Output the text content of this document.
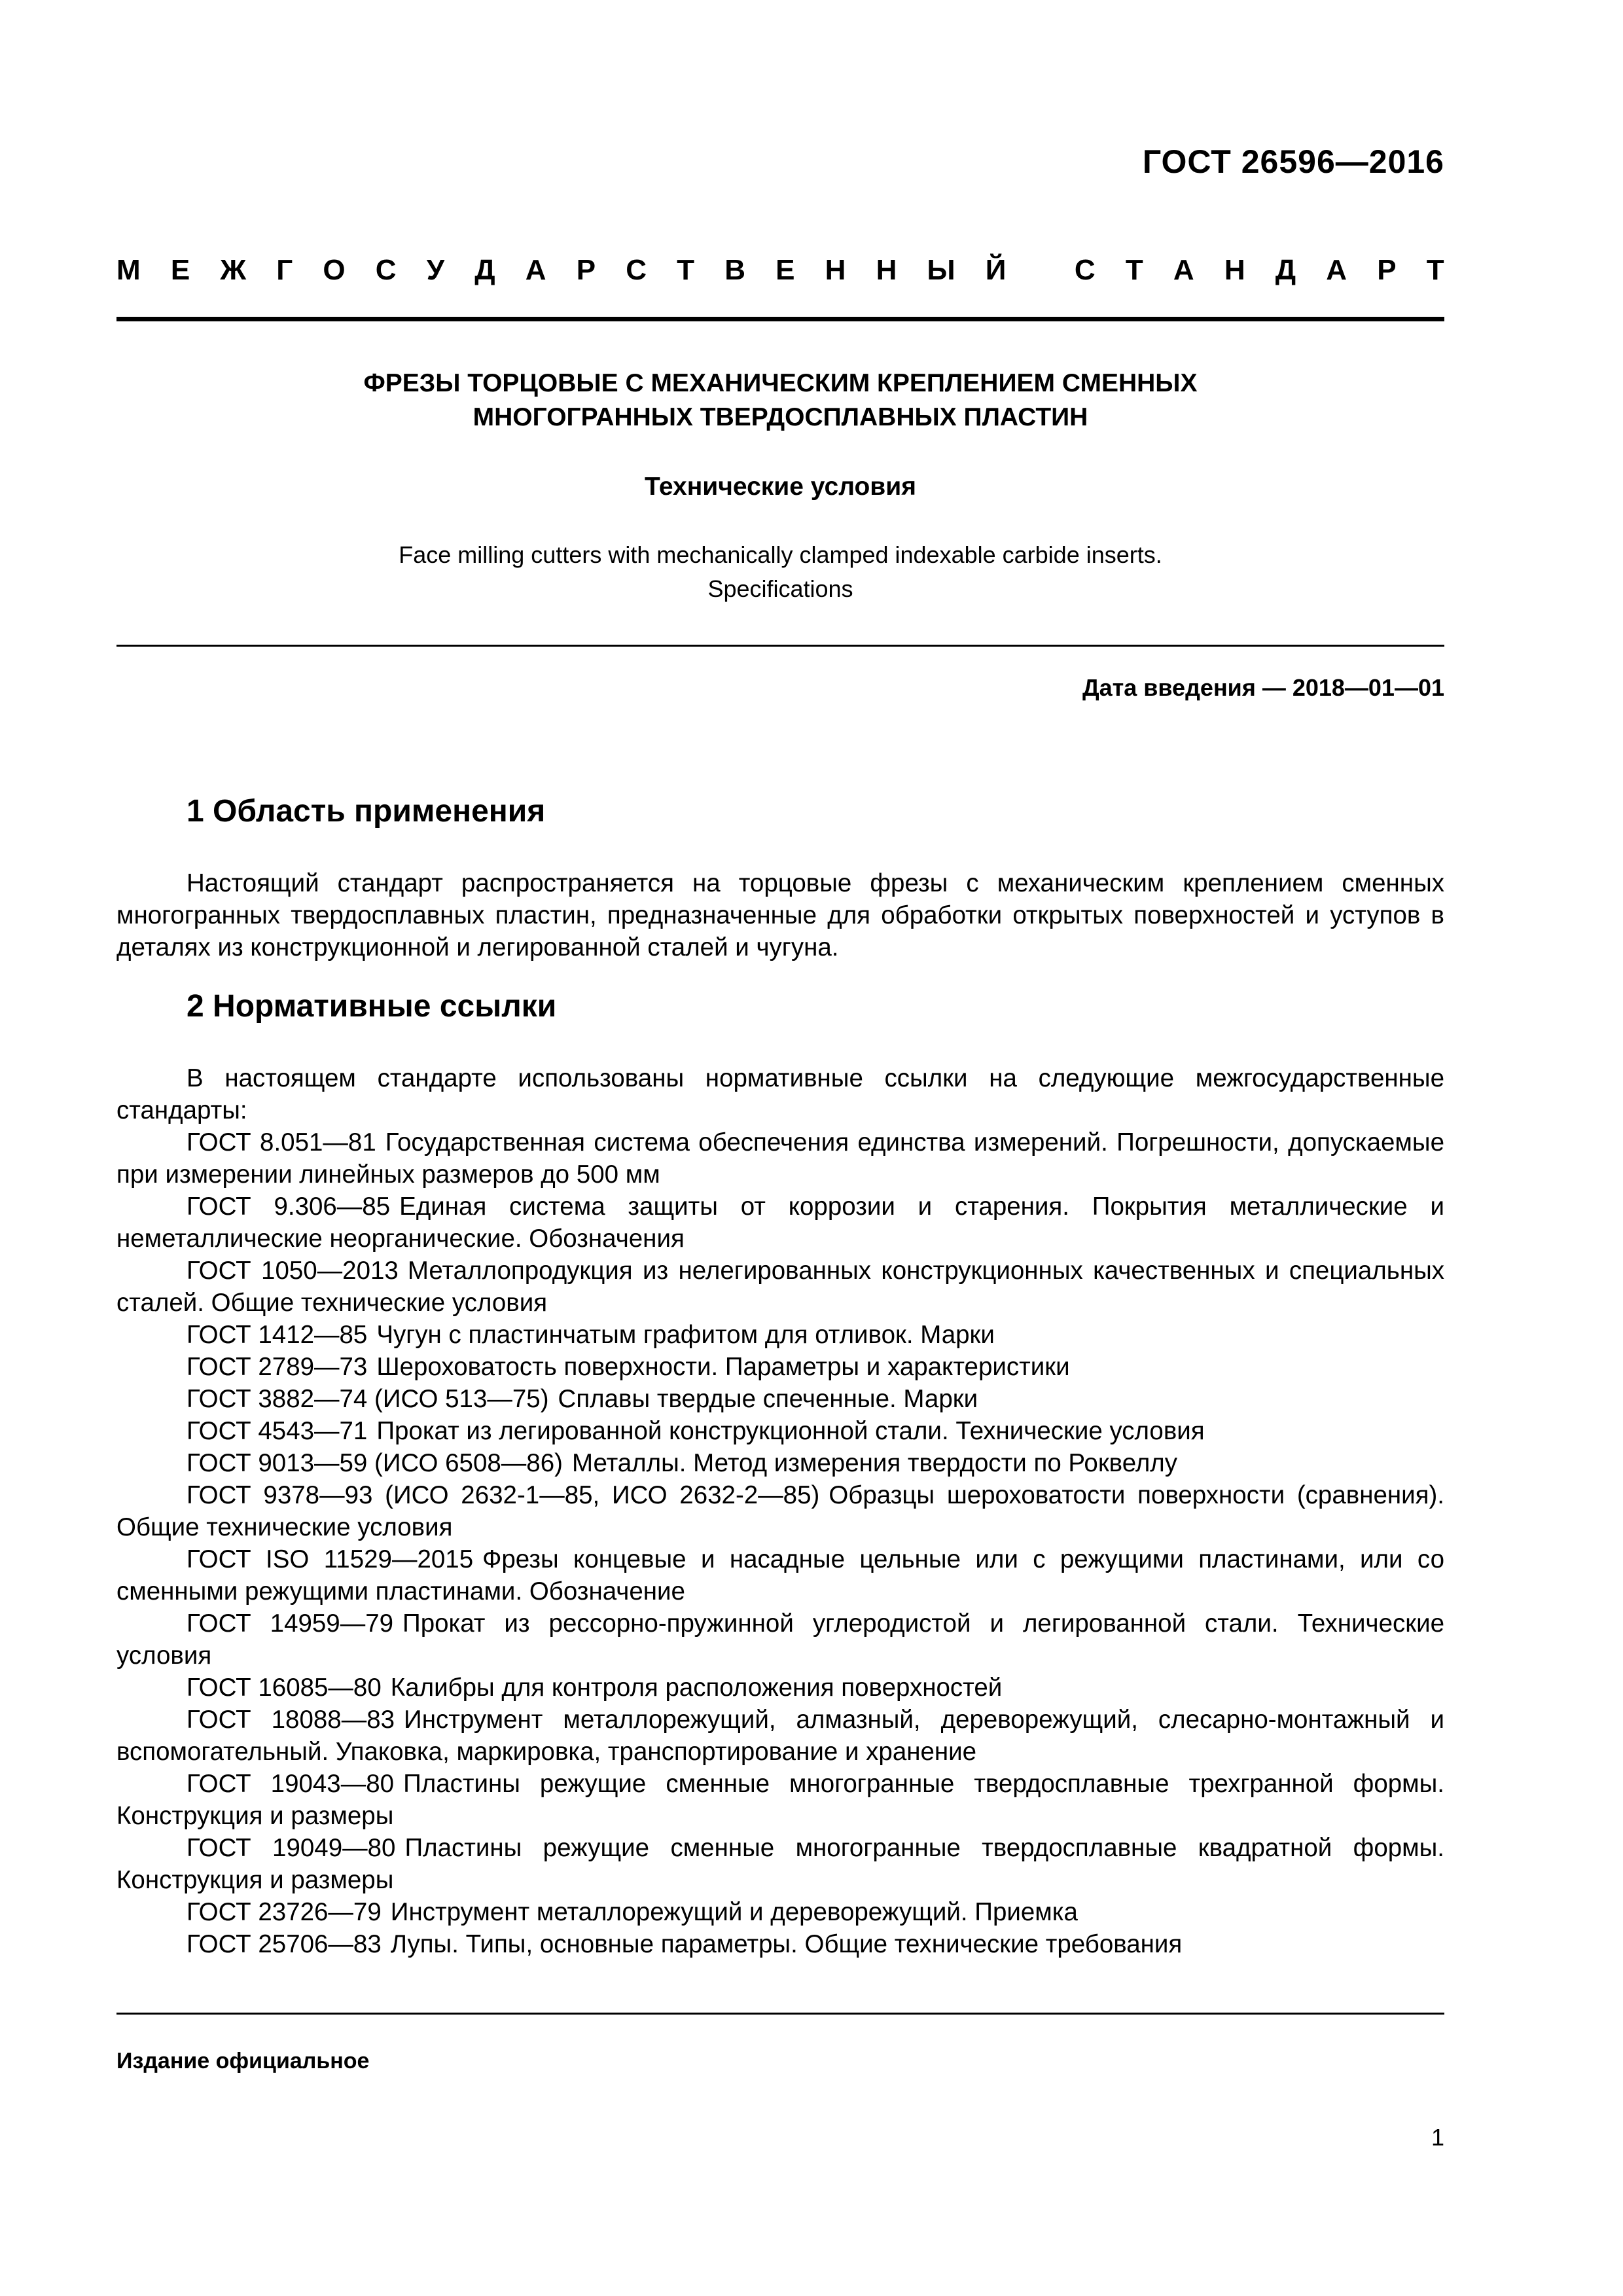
ГОСТ 26596—2016
М Е Ж Г О С У Д А Р С Т В Е Н Н Ы Й
С Т А Н Д А Р Т
ФРЕЗЫ ТОРЦОВЫЕ С МЕХАНИЧЕСКИМ КРЕПЛЕНИЕМ СМЕННЫХ
МНОГОГРАННЫХ ТВЕРДОСПЛАВНЫХ ПЛАСТИН
Технические условия
Face milling cutters with mechanically clamped indexable carbide inserts.
Specifications
Дата введения — 2018—01—01
1 Область применения
Настоящий стандарт распространяется на торцовые фрезы с механическим креплением сменных многогранных твердосплавных пластин, предназначенные для обработки открытых поверхностей и уступов в деталях из конструкционной и легированной сталей и чугуна.
2 Нормативные ссылки
В настоящем стандарте использованы нормативные ссылки на следующие межгосударственные стандарты:
ГОСТ 8.051—81 Государственная система обеспечения единства измерений. Погрешности, допускаемые при измерении линейных размеров до 500 мм
ГОСТ 9.306—85 Единая система защиты от коррозии и старения. Покрытия металлические и неметаллические неорганические. Обозначения
ГОСТ 1050—2013 Металлопродукция из нелегированных конструкционных качественных и специальных сталей. Общие технические условия
ГОСТ 1412—85 Чугун с пластинчатым графитом для отливок. Марки
ГОСТ 2789—73 Шероховатость поверхности. Параметры и характеристики
ГОСТ 3882—74 (ИСО 513—75) Сплавы твердые спеченные. Марки
ГОСТ 4543—71 Прокат из легированной конструкционной стали. Технические условия
ГОСТ 9013—59 (ИСО 6508—86) Металлы. Метод измерения твердости по Роквеллу
ГОСТ 9378—93 (ИСО 2632-1—85, ИСО 2632-2—85) Образцы шероховатости поверхности (сравнения). Общие технические условия
ГОСТ ISO 11529—2015 Фрезы концевые и насадные цельные или с режущими пластинами, или со сменными режущими пластинами. Обозначение
ГОСТ 14959—79 Прокат из рессорно-пружинной углеродистой и легированной стали. Технические условия
ГОСТ 16085—80 Калибры для контроля расположения поверхностей
ГОСТ 18088—83 Инструмент металлорежущий, алмазный, дереворежущий, слесарно-монтажный и вспомогательный. Упаковка, маркировка, транспортирование и хранение
ГОСТ 19043—80 Пластины режущие сменные многогранные твердосплавные трехгранной формы. Конструкция и размеры
ГОСТ 19049—80 Пластины режущие сменные многогранные твердосплавные квадратной формы. Конструкция и размеры
ГОСТ 23726—79 Инструмент металлорежущий и дереворежущий. Приемка
ГОСТ 25706—83 Лупы. Типы, основные параметры. Общие технические требования
Издание официальное
1
